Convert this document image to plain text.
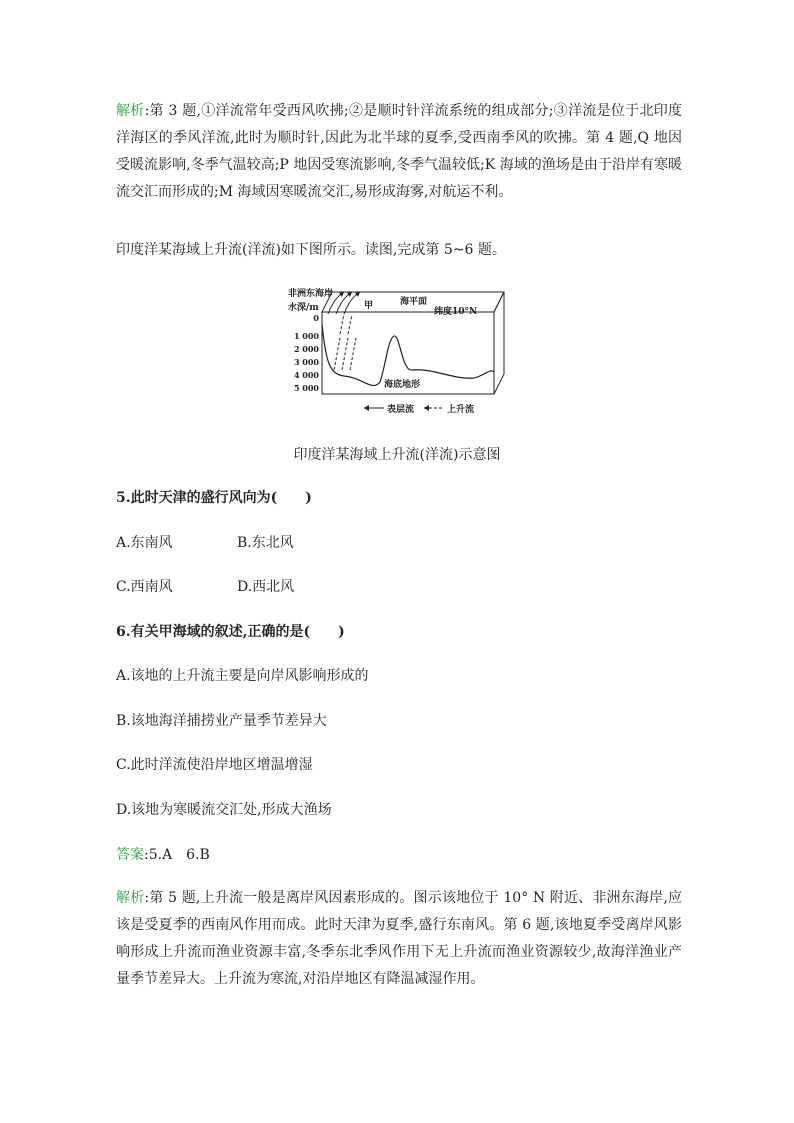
解析:第 3 题,①洋流常年受西风吹拂;②是顺时针洋流系统的组成部分;③洋流是位于北印度洋海区的季风洋流,此时为顺时针,因此为北半球的夏季,受西南季风的吹拂。第 4 题,Q 地因受暖流影响,冬季气温较高;P 地因受寒流影响,冬季气温较低;K 海域的渔场是由于沿岸有寒暖流交汇而形成的;M 海域因寒暖流交汇,易形成海雾,对航运不利。
印度洋某海域上升流(洋流)如下图所示。读图,完成第 5~6 题。
非洲东海岸
水深/m	甲	海平面
纬度10°N
海底地形
0
1 000
2 000
3 000
4 000
5 000
表层流	上升流
印度洋某海域上升流(洋流)示意图
5.此时天津的盛行风向为(　　)
A.东南风	B.东北风
C.西南风	D.西北风
6.有关甲海域的叙述,正确的是(　　)
A.该地的上升流主要是向岸风影响形成的
B.该地海洋捕捞业产量季节差异大
C.此时洋流使沿岸地区增温增湿
D.该地为寒暖流交汇处,形成大渔场
答案:5.A　6.B
解析:第 5 题,上升流一般是离岸风因素形成的。图示该地位于 10° N 附近、非洲东海岸,应该是受夏季的西南风作用而成。此时天津为夏季,盛行东南风。第 6 题,该地夏季受离岸风影响形成上升流而渔业资源丰富,冬季东北季风作用下无上升流而渔业资源较少,故海洋渔业产量季节差异大。上升流为寒流,对沿岸地区有降温减湿作用。
